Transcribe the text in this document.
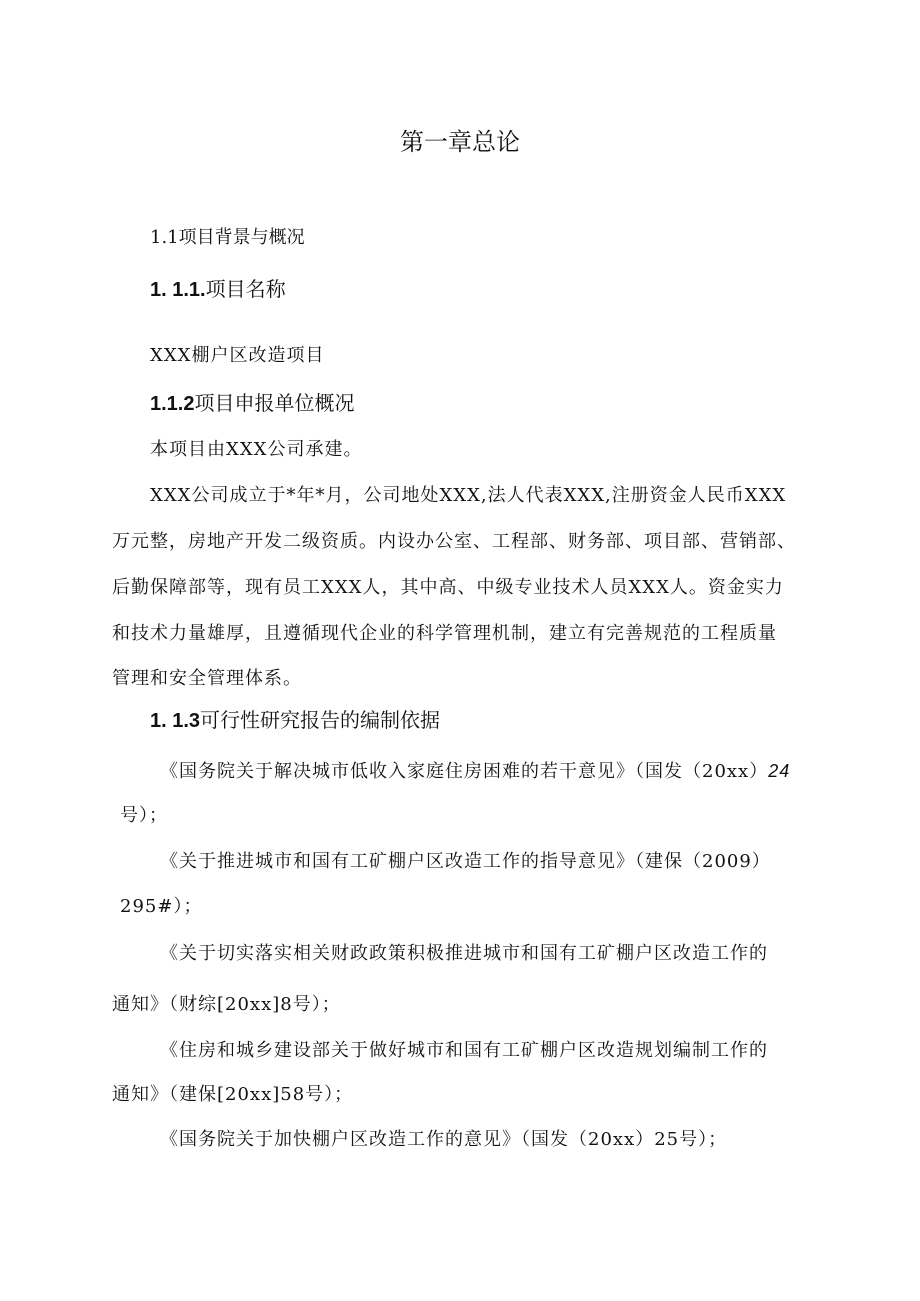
第一章总论
1.1项目背景与概况
1. 1.1.项目名称
XXX棚户区改造项目
1.1.2项目申报单位概况
本项目由XXX公司承建。
XXX公司成立于*年*月，公司地处XXX,法人代表XXX,注册资金人民币XXX
万元整，房地产开发二级资质。内设办公室、工程部、财务部、项目部、营销部、
后勤保障部等，现有员工XXX人，其中高、中级专业技术人员XXX人。资金实力
和技术力量雄厚，且遵循现代企业的科学管理机制，建立有完善规范的工程质量
管理和安全管理体系。
1. 1.3可行性研究报告的编制依据
《国务院关于解决城市低收入家庭住房困难的若干意见》（国发（20xx）24
号）；
《关于推进城市和国有工矿棚户区改造工作的指导意见》（建保（2009）
295#）；
《关于切实落实相关财政政策积极推进城市和国有工矿棚户区改造工作的
通知》（财综[20xx]8号）；
《住房和城乡建设部关于做好城市和国有工矿棚户区改造规划编制工作的
通知》（建保[20xx]58号）；
《国务院关于加快棚户区改造工作的意见》（国发（20xx）25号）；
